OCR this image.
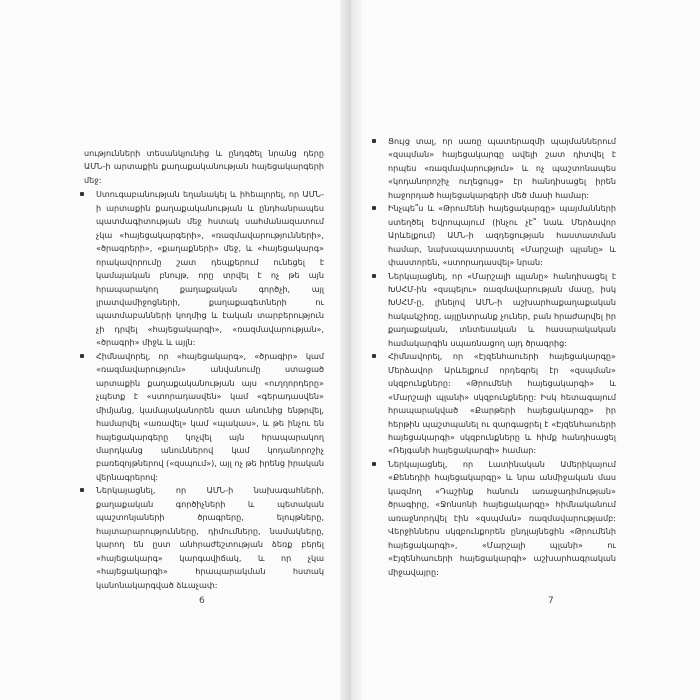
սությունների տեսանկյունից և ընդգծել նրանց դերը ԱՄՆ-ի արտաքին քաղաքականության հայեցակարգերի մեջ:

Ստուգաբանության եղանակել և իհեալորել, որ ԱՄՆ-ի արտաքին քաղաքականության և ընդհանրապես պատմագիտության մեջ հստակ սահմանազատում չկա «հայեցակարգերի», «ռազմավարությունների», «ծրագրերի», «քաղաքների» մեջ, և «հայեցակարգ» որակավորումը շատ դեպքերում ունեցել է կամայական բնույթ, որը տրվել է ոչ թե այն հրապարակող քաղաքական գործչի, այլ լրատվամիջոցների, քաղաքագետների ու պատմաբանների կողմից և էական տարբերություն չի դրվել «հայեցակարգի», «ռազմավարության», «ծրագրի» միջև և այլն:

Հիմնավորել, որ «հայեցակարգ», «ծրագիր» կամ «ռազմավարություն» անվանումը ստացած արտաքին քաղաքականության այս «ուղղորդերը» չպետք է «ստորադասվեն» կամ «գերադասվեն» միմյանց, կամայականորեն զատ անունից ենթրվել, համարվել «առավել» կամ «պակաս», և թե ինչու են հայեցակարգերը կոչվել այն հրապարակող մարդկանց անուններով կամ կոդանորոշիչ բառեզոյթներով («զսպում»), այլ ոչ թե իրենց իրական վերնագրերով:

Ներկայացնել, որ ԱՄՆ-ի նախագահների, քաղաքական գործիչների և պետական պաշտոնյաների ծրագրերը, ելույթները, հայտարարությունները, դիմումները, նամակները, կարող են ըստ անհրաժեշտության ձեռք բերել «հայեցակարգ» կարգավիճակ, և որ չկա «հայեցակարգի» հրապարակման հստակ կանոնակարգված ձևաչափ:

6

Ցույց տալ, որ սառը պատերազմի պայմաններում «զսպման» հայեցակարգը ավելի շատ դիտվել է որպես «ռազմավարություն» և ոչ պաշտոնապես «կոդանորոշիչ ուղեցույց» էր հանդիսացել իրեն հաջորդած հայեցակարգերի մեծ մասի համար:

Ինչպե՞ս և «Թրումենի հայեցակարգը» պայմանների ստեղծել Եվրոպայում (ինչու չէ՞ նաև Մերձավոր Արևելքում) ԱՄՆ-ի ազդեցության հաստատման համար, նախապատրաստել «Մարշալի պլանը» և փաստորեն, «ստորադասվել» նրան:

Ներկայացնել, որ «Մարշալի պլանը» հանդիսացել է ԽՍՀՄ-ին «զսպելու» ռազմավարության մասը, իսկ ԽՍՀՄ-ը, լինելով ԱՄՆ-ի աշխարհաքաղաքական հակակշիռը, այլընտրանք չուներ, բան հրաժարվել իր քաղաքական, տնտեսական և հասարակական համակարգին սպառնացող այդ ծրագրից:

Հիմնավորել, որ «Էյզենհաուերի հայեցակարգը» Մերձավոր Արևելքում որդեգրել էր «զսպման» սկզբունքները: «Թրումենի հայեցակարգի» և «Մարշալի պլանի» սկզբունքները: Իսկ հետագայում հրապարակված «Քարթերի հայեցակարգը» իր հերթին պաշտպանել ու զարգացրել է «Էյզենհաուերի հայեցակարգի» սկզբունքները և հիմք հանդիսացել «Ռեյգանի հայեցակարգի» համար:

Ներկայացնել, որ Լատինական Ամերիկայում «Քենեդիի հայեցակարգը» և նրա անմիջական մաս կազմող «Դաշինք հանուն առաջադիմության» ծրագիրը, «Ջոնսոնի հայեցակարգը» հիմնականում առաջնորդվել էին «զսպման» ռազմավարությամբ: Վերջիններս սկզբունքորեն ընդլայնեցին «Թրումենի հայեցակարգի», «Մարշալի պլանի» ու «Էյզենհաուերի հայեցակարգի» աշխարհագրական միջավայրը:

7
